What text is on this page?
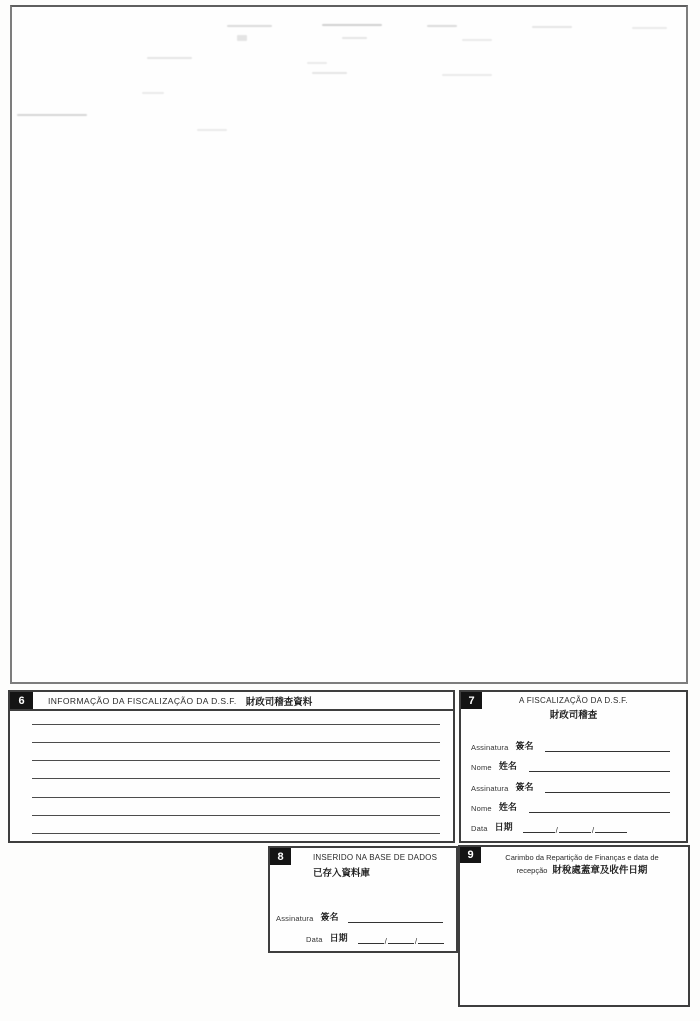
6	INFORMAÇÃO DA FISCALIZAÇÃO DA D.S.F. 財政司稽查資料	7	A FISCALIZAÇÃO DA D.S.F.
財政司稽查
Assinatura 簽名
Nome 姓名
Assinatura 簽名
Nome 姓名
Data 日期	/	/
8	INSERIDO NA BASE DE DADOS
已存入資料庫
Assinatura 簽名
Data 日期	/	/
9	Carimbo da Repartição de Finanças e data de
recepção 財稅處蓋章及收件日期
